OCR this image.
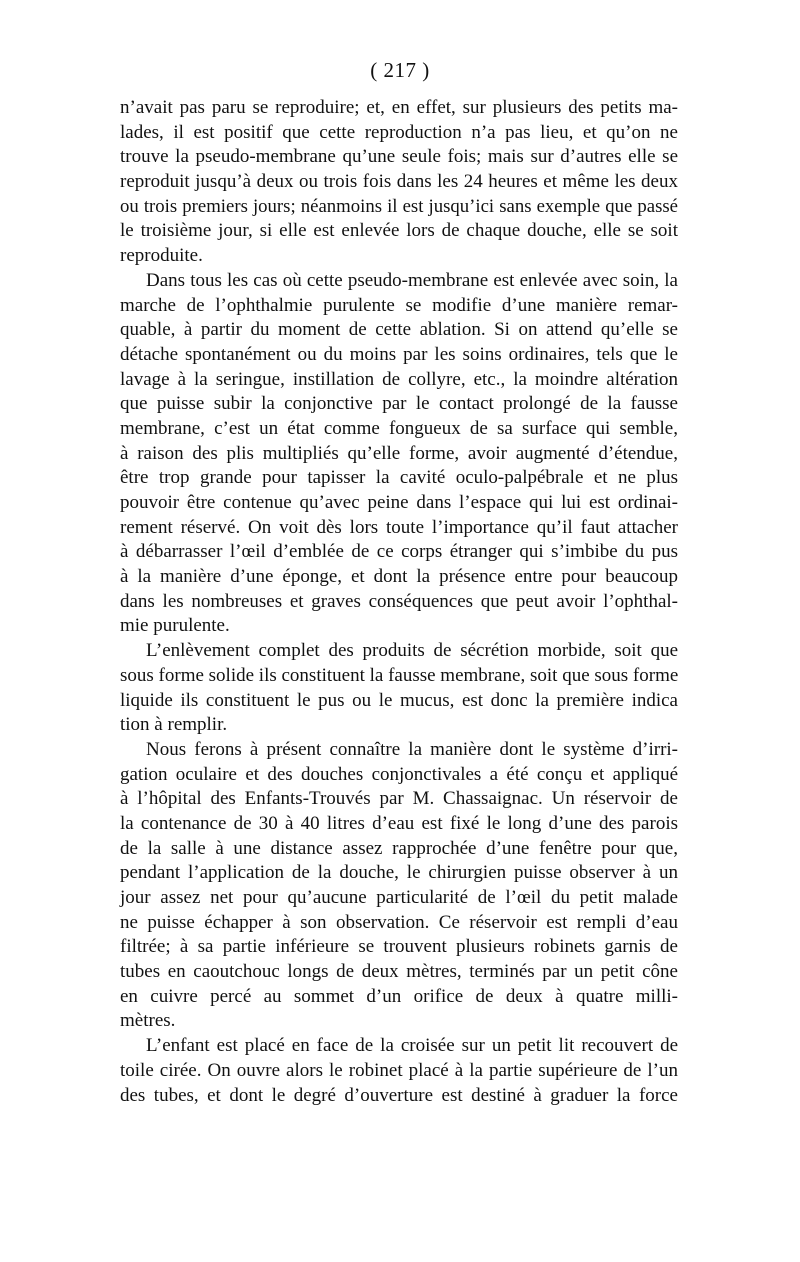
( 217 )
n’avait pas paru se reproduire; et, en effet, sur plusieurs des petits ma-
lades, il est positif que cette reproduction n’a pas lieu, et qu’on ne
trouve la pseudo-membrane qu’une seule fois; mais sur d’autres elle se
reproduit jusqu’à deux ou trois fois dans les 24 heures et même les deux
ou trois premiers jours; néanmoins il est jusqu’ici sans exemple que passé
le troisième jour, si elle est enlevée lors de chaque douche, elle se soit
reproduite.
Dans tous les cas où cette pseudo-membrane est enlevée avec soin, la
marche de l’ophthalmie purulente se modifie d’une manière remar-
quable, à partir du moment de cette ablation. Si on attend qu’elle se
détache spontanément ou du moins par les soins ordinaires, tels que le
lavage à la seringue, instillation de collyre, etc., la moindre altération
que puisse subir la conjonctive par le contact prolongé de la fausse
membrane, c’est un état comme fongueux de sa surface qui semble,
à raison des plis multipliés qu’elle forme, avoir augmenté d’étendue,
être trop grande pour tapisser la cavité oculo-palpébrale et ne plus
pouvoir être contenue qu’avec peine dans l’espace qui lui est ordinai-
rement réservé. On voit dès lors toute l’importance qu’il faut attacher
à débarrasser l’œil d’emblée de ce corps étranger qui s’imbibe du pus
à la manière d’une éponge, et dont la présence entre pour beaucoup
dans les nombreuses et graves conséquences que peut avoir l’ophthal-
mie purulente.
L’enlèvement complet des produits de sécrétion morbide, soit que
sous forme solide ils constituent la fausse membrane, soit que sous forme
liquide ils constituent le pus ou le mucus, est donc la première indica
tion à remplir.
Nous ferons à présent connaître la manière dont le système d’irri-
gation oculaire et des douches conjonctivales a été conçu et appliqué
à l’hôpital des Enfants-Trouvés par M. Chassaignac. Un réservoir de
la contenance de 30 à 40 litres d’eau est fixé le long d’une des parois
de la salle à une distance assez rapprochée d’une fenêtre pour que,
pendant l’application de la douche, le chirurgien puisse observer à un
jour assez net pour qu’aucune particularité de l’œil du petit malade
ne puisse échapper à son observation. Ce réservoir est rempli d’eau
filtrée; à sa partie inférieure se trouvent plusieurs robinets garnis de
tubes en caoutchouc longs de deux mètres, terminés par un petit cône
en cuivre percé au sommet d’un orifice de deux à quatre milli-
mètres.
L’enfant est placé en face de la croisée sur un petit lit recouvert de
toile cirée. On ouvre alors le robinet placé à la partie supérieure de l’un
des tubes, et dont le degré d’ouverture est destiné à graduer la force
